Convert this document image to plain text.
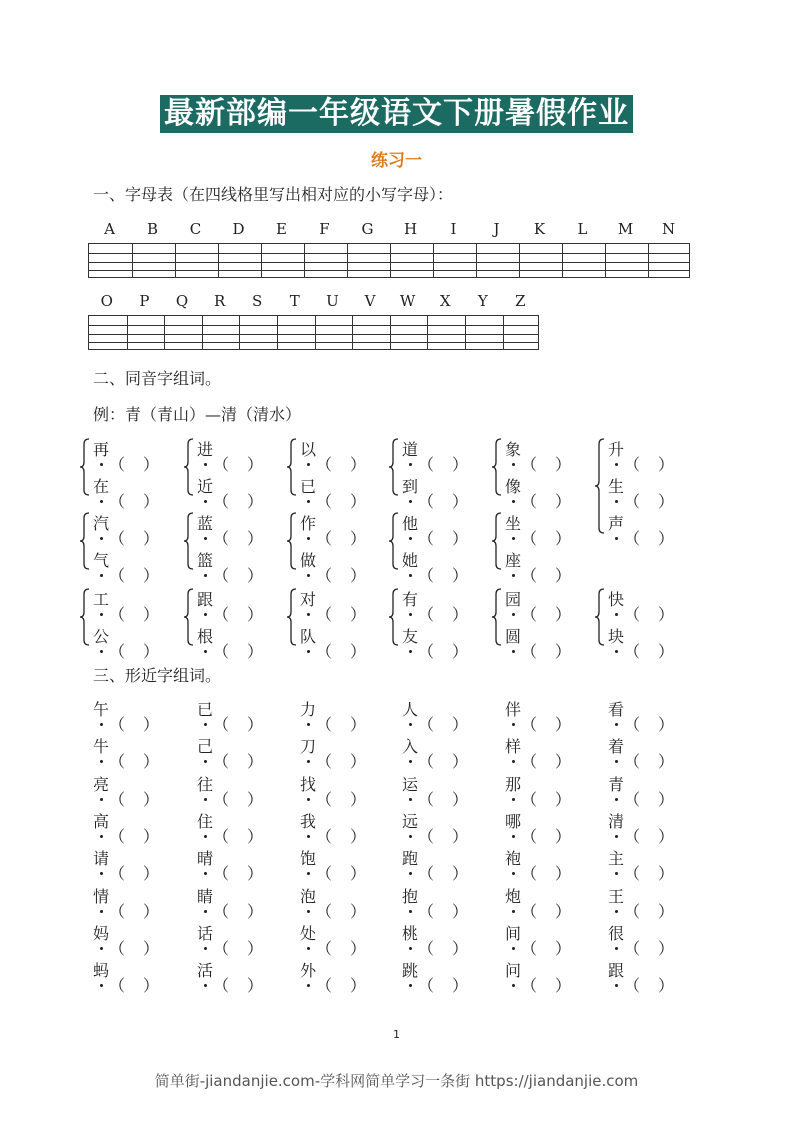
最新部编一年级语文下册暑假作业
练习一
一、字母表（在四线格里写出相对应的小写字母）：
A	B C D	E	F	G H	I	J	K	L	M N
O	P	Q R	S	T	U	V	W	X	Y	Z
二、同音字组词。
例：青（青山）—清（清水）
再
在
进
近
以
已
道
到
象
像
升
生
声
汽
气
蓝
篮
作
做
他
她
坐
座
工
公
跟
根
对
队
有
友
园
圆
快
块
三、形近字组词。
午	已	力	人	伴	看
牛	己	刀	入	样	着
亮	往	找	运	那	青
高	住	我	远	哪	清
请	晴	饱	跑	袍	主
情	睛	泡	抱	炮	王
妈	话	处	桃	间	很
蚂	活	外	跳	问	跟
1
简单街-jiandanjie.com-学科网简单学习一条街 https://jiandanjie.com
